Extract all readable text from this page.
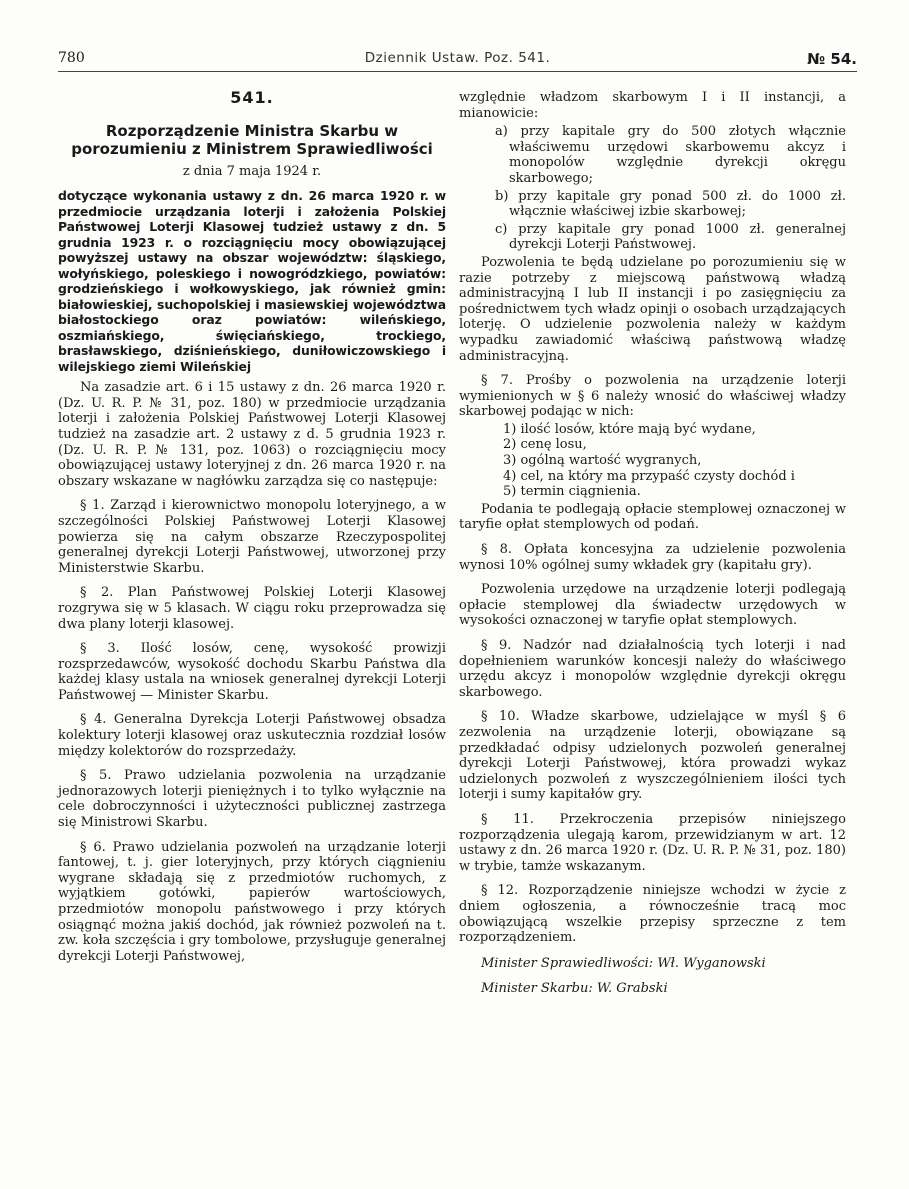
780	Dziennik Ustaw. Poz. 541.	№ 54.

541.

Rozporządzenie Ministra Skarbu w porozumieniu z Ministrem Sprawiedliwości

z dnia 7 maja 1924 r.

dotyczące wykonania ustawy z dn. 26 marca 1920 r. w przedmiocie urządzania loterji i założenia Polskiej Państwowej Loterji Klasowej tudzież ustawy z dn. 5 grudnia 1923 r. o rozciągnięciu mocy obowiązującej powyższej ustawy na obszar województw: śląskiego, wołyńskiego, poleskiego i nowogródzkiego, powiatów: grodzieńskiego i wołkowyskiego, jak również gmin: białowieskiej, suchopolskiej i masiewskiej województwa białostockiego oraz powiatów: wileńskiego, oszmiańskiego, święciańskiego, trockiego, brasławskiego, dziśnieńskiego, duniłowiczowskiego i wilejskiego ziemi Wileńskiej

Na zasadzie art. 6 i 15 ustawy z dn. 26 marca 1920 r. (Dz. U. R. P. № 31, poz. 180) w przedmiocie urządzania loterji i założenia Polskiej Państwowej Loterji Klasowej tudzież na zasadzie art. 2 ustawy z d. 5 grudnia 1923 r. (Dz. U. R. P. № 131, poz. 1063) o rozciągnięciu mocy obowiązującej ustawy loteryjnej z dn. 26 marca 1920 r. na obszary wskazane w nagłówku zarządza się co następuje:

§ 1. Zarząd i kierownictwo monopolu loteryjnego, a w szczególności Polskiej Państwowej Loterji Klasowej powierza się na całym obszarze Rzeczypospolitej generalnej dyrekcji Loterji Państwowej, utworzonej przy Ministerstwie Skarbu.

§ 2. Plan Państwowej Polskiej Loterji Klasowej rozgrywa się w 5 klasach. W ciągu roku przeprowadza się dwa plany loterji klasowej.

§ 3. Ilość losów, cenę, wysokość prowizji rozsprzedawców, wysokość dochodu Skarbu Państwa dla każdej klasy ustala na wniosek generalnej dyrekcji Loterji Państwowej — Minister Skarbu.

§ 4. Generalna Dyrekcja Loterji Państwowej obsadza kolektury loterji klasowej oraz uskutecznia rozdział losów między kolektorów do rozsprzedaży.

§ 5. Prawo udzielania pozwolenia na urządzanie jednorazowych loterji pieniężnych i to tylko wyłącznie na cele dobroczynności i użyteczności publicznej zastrzega się Ministrowi Skarbu.

§ 6. Prawo udzielania pozwoleń na urządzanie loterji fantowej, t. j. gier loteryjnych, przy których ciągnieniu wygrane składają się z przedmiotów ruchomych, z wyjątkiem gotówki, papierów wartościowych, przedmiotów monopolu państwowego i przy których osiągnąć można jakiś dochód, jak również pozwoleń na t. zw. koła szczęścia i gry tombolowe, przysługuje generalnej dyrekcji Loterji Państwowej,

względnie władzom skarbowym I i II instancji, a mianowicie:

a) przy kapitale gry do 500 złotych włącznie właściwemu urzędowi skarbowemu akcyz i monopolów względnie dyrekcji okręgu skarbowego;

b) przy kapitale gry ponad 500 zł. do 1000 zł. włącznie właściwej izbie skarbowej;

c) przy kapitale gry ponad 1000 zł. generalnej dyrekcji Loterji Państwowej.

Pozwolenia te będą udzielane po porozumieniu się w razie potrzeby z miejscową państwową władzą administracyjną I lub II instancji i po zasięgnięciu za pośrednictwem tych władz opinji o osobach urządzających loterję. O udzielenie pozwolenia należy w każdym wypadku zawiadomić właściwą państwową władzę administracyjną.

§ 7. Prośby o pozwolenia na urządzenie loterji wymienionych w § 6 należy wnosić do właściwej władzy skarbowej podając w nich:

1) ilość losów, które mają być wydane,

2) cenę losu,

3) ogólną wartość wygranych,

4) cel, na który ma przypaść czysty dochód i

5) termin ciągnienia.

Podania te podlegają opłacie stemplowej oznaczonej w taryfie opłat stemplowych od podań.

§ 8. Opłata koncesyjna za udzielenie pozwolenia wynosi 10% ogólnej sumy wkładek gry (kapitału gry).

Pozwolenia urzędowe na urządzenie loterji podlegają opłacie stemplowej dla świadectw urzędowych w wysokości oznaczonej w taryfie opłat stemplowych.

§ 9. Nadzór nad działalnością tych loterji i nad dopełnieniem warunków koncesji należy do właściwego urzędu akcyz i monopolów względnie dyrekcji okręgu skarbowego.

§ 10. Władze skarbowe, udzielające w myśl § 6 zezwolenia na urządzenie loterji, obowiązane są przedkładać odpisy udzielonych pozwoleń generalnej dyrekcji Loterji Państwowej, która prowadzi wykaz udzielonych pozwoleń z wyszczególnieniem ilości tych loterji i sumy kapitałów gry.

§ 11. Przekroczenia przepisów niniejszego rozporządzenia ulegają karom, przewidzianym w art. 12 ustawy z dn. 26 marca 1920 r. (Dz. U. R. P. № 31, poz. 180) w trybie, tamże wskazanym.

§ 12. Rozporządzenie niniejsze wchodzi w życie z dniem ogłoszenia, a równocześnie tracą moc obowiązującą wszelkie przepisy sprzeczne z tem rozporządzeniem.

Minister Sprawiedliwości: Wł. Wyganowski

Minister Skarbu: W. Grabski
